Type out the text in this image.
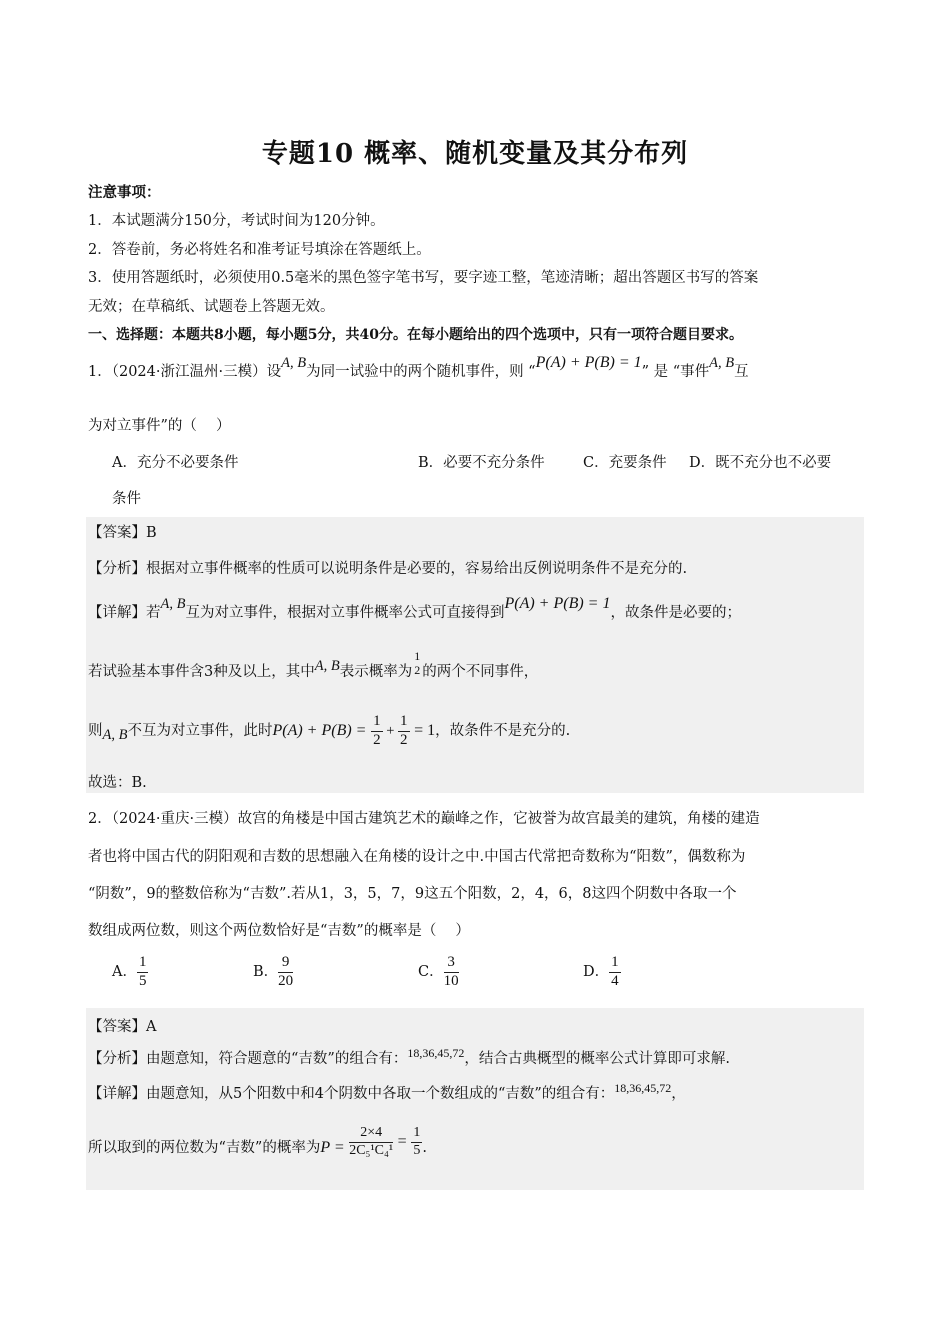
专题10 概率、随机变量及其分布列
注意事项：
1．本试题满分150分，考试时间为120分钟。
2．答卷前，务必将姓名和准考证号填涂在答题纸上。
3．使用答题纸时，必须使用0.5毫米的黑色签字笔书写，要字迹工整，笔迹清晰；超出答题区书写的答案
无效；在草稿纸、试题卷上答题无效。
一、选择题：本题共8小题，每小题5分，共40分。在每小题给出的四个选项中，只有一项符合题目要求。
1．（2024·浙江温州·三模）设A, B为同一试验中的两个随机事件，则 “P(A) + P(B) = 1” 是 “事件A, B互
为对立事件”的（　 ）
A．充分不必要条件	B．必要不充分条件	C．充要条件 D．既不充分也不必要
条件
【答案】B
【分析】根据对立事件概率的性质可以说明条件是必要的，容易给出反例说明条件不是充分的.
【详解】若A, B互为对立事件，根据对立事件概率公式可直接得到P(A) + P(B) = 1，故条件是必要的；
若试验基本事件含3种及以上，其中A, B表示概率为
1
2 的两个不同事件，
则A, B不互为对立事件，此时$P(A) + P(B) = \frac{1}{2} + \frac{1}{2} = 1$，故条件不是充分的.
故选：B.
2．（2024·重庆·三模）故宫的角楼是中国古建筑艺术的巅峰之作，它被誉为故宫最美的建筑，角楼的建造
者也将中国古代的阴阳观和吉数的思想融入在角楼的设计之中.中国古代常把奇数称为“阳数”，偶数称为
“阴数”，9的整数倍称为“吉数”.若从1，3，5，7，9这五个阳数，2，4，6，8这四个阴数中各取一个
数组成两位数，则这个两位数恰好是“吉数”的概率是（　 ）
A． $\frac{1}{5}$	B． $\frac{9}{20}$	C． $\frac{3}{10}$	D． $\frac{1}{4}$
【答案】A
【分析】由题意知，符合题意的“吉数”的组合有：$^{18,36,45,72}$，结合古典概型的概率公式计算即可求解.
【详解】由题意知，从5个阳数中和4个阴数中各取一个数组成的“吉数”的组合有：$^{18,36,45,72}$，
所以取到的两位数为“吉数”的概率为$P = \frac{2\times 4}{\text{2C₅¹C₄¹}} = \frac{1}{5}$ .
